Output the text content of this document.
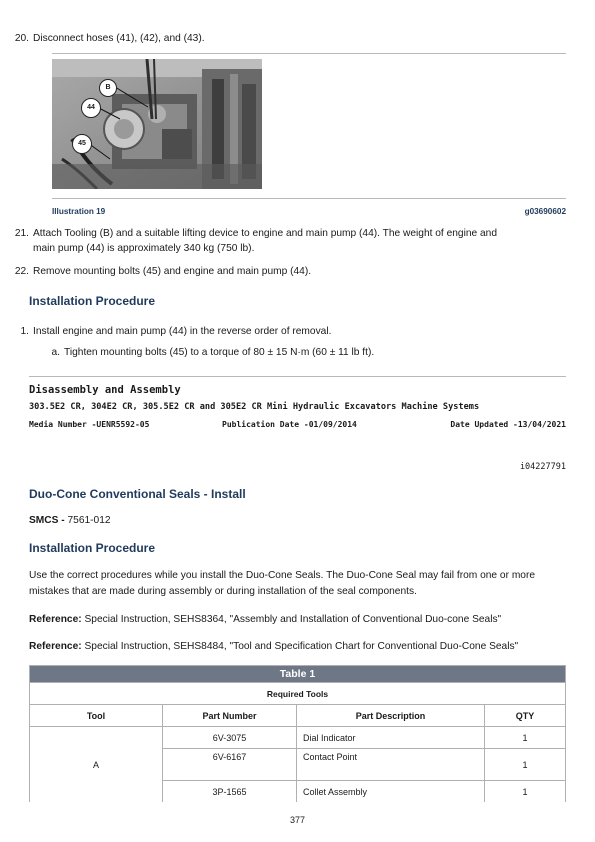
20. Disconnect hoses (41), (42), and (43).
B
44
45
Illustration 19	g03690602
21. Attach Tooling (B) and a suitable lifting device to engine and main pump (44). The weight of engine and
main pump (44) is approximately 340 kg (750 lb).
22. Remove mounting bolts (45) and engine and main pump (44).
Installation Procedure
1. Install engine and main pump (44) in the reverse order of removal.
a. Tighten mounting bolts (45) to a torque of 80 ± 15 N·m (60 ± 11 lb ft).
Disassembly and Assembly
303.5E2 CR, 304E2 CR, 305.5E2 CR and 305E2 CR Mini Hydraulic Excavators Machine Systems
Media Number -UENR5592-05	Publication Date -01/09/2014	Date Updated -13/04/2021
i04227791
Duo-Cone Conventional Seals - Install
SMCS - 7561-012
Installation Procedure
Use the correct procedures while you install the Duo-Cone Seals. The Duo-Cone Seal may fail from one or more
mistakes that are made during assembly or during installation of the seal components.
Reference: Special Instruction, SEHS8364, "Assembly and Installation of Conventional Duo-cone Seals"
Reference: Special Instruction, SEHS8484, "Tool and Specification Chart for Conventional Duo-Cone Seals"
Table 1			
Required Tools			
Tool	Part Number	Part Description	QTY
A	6V-3075	Dial Indicator	1
	6V-6167	Contact Point	1
	3P-1565	Collet Assembly	1
377
